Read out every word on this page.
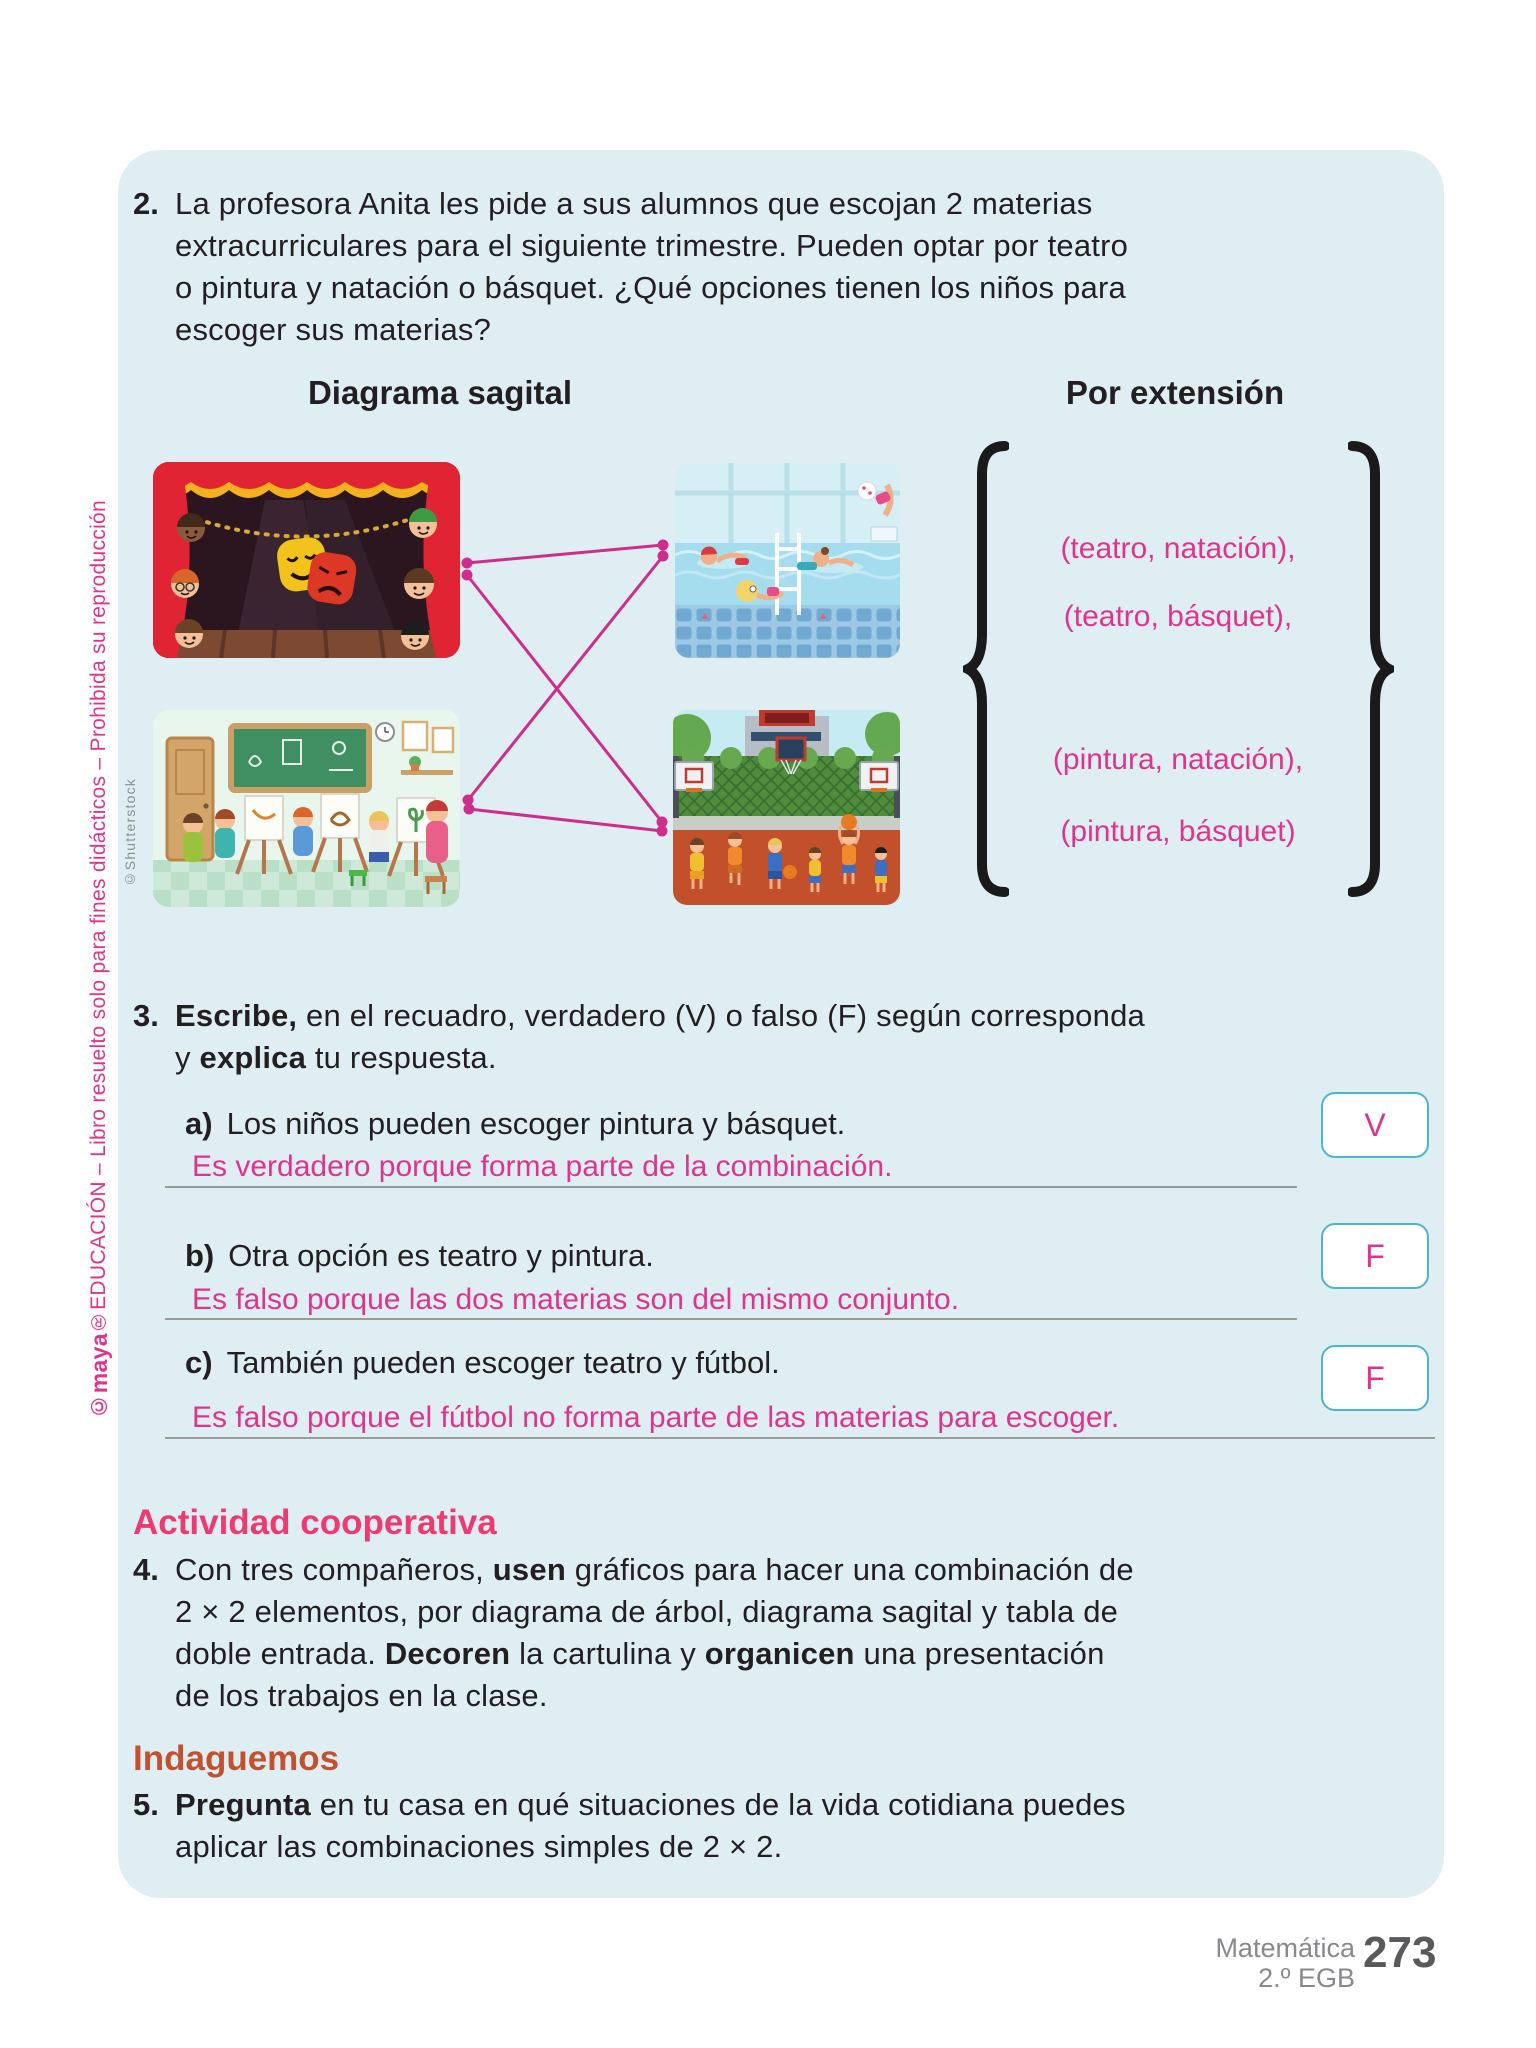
©maya®EDUCACIÓN – Libro resuelto solo para fines didácticos – Prohibida su reproducción ©Shutterstock
2. La profesora Anita les pide a sus alumnos que escojan 2 materias
extracurriculares para el siguiente trimestre. Pueden optar por teatro
o pintura y natación o básquet. ¿Qué opciones tienen los niños para
escoger sus materias?
Diagrama sagital	Por extensión
(teatro, natación),
(teatro, básquet),
(pintura, natación),
(pintura, básquet)
3. Escribe, en el recuadro, verdadero (V) o falso (F) según corresponda
y explica tu respuesta.
a) Los niños pueden escoger pintura y básquet.
Es verdadero porque forma parte de la combinación.
V
b) Otra opción es teatro y pintura.
Es falso porque las dos materias son del mismo conjunto.
F
c) También pueden escoger teatro y fútbol.
Es falso porque el fútbol no forma parte de las materias para escoger.
F
Actividad cooperativa
4. Con tres compañeros, usen gráficos para hacer una combinación de
2 × 2 elementos, por diagrama de árbol, diagrama sagital y tabla de
doble entrada. Decoren la cartulina y organicen una presentación
de los trabajos en la clase.
Indaguemos
5. Pregunta en tu casa en qué situaciones de la vida cotidiana puedes
aplicar las combinaciones simples de 2 × 2.
Matemática
2.º EGB
273
